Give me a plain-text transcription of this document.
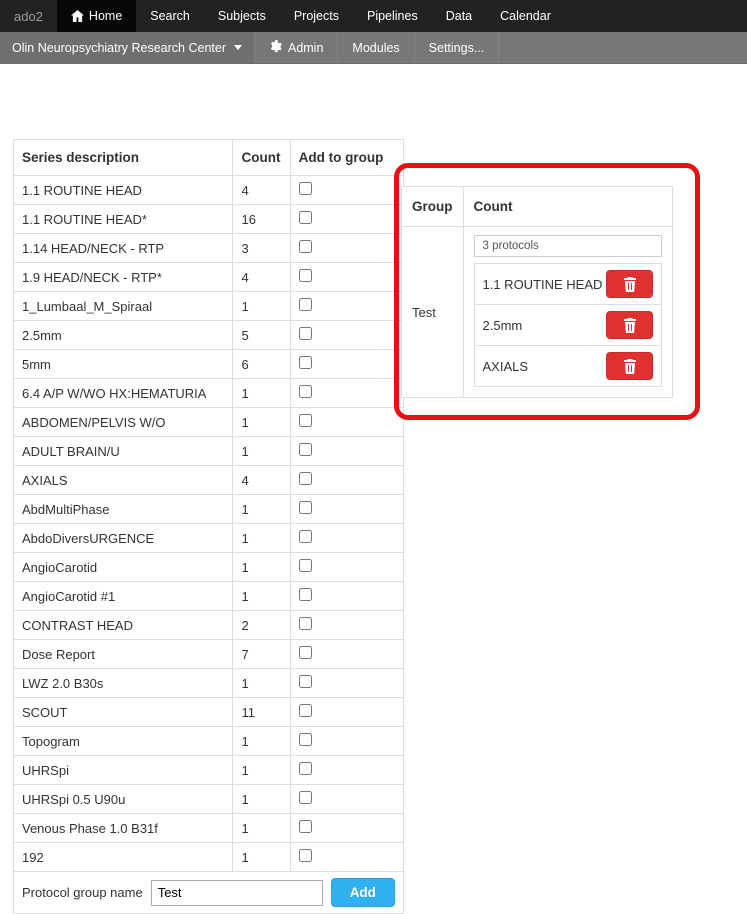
ado2	Home Search Subjects Projects Pipelines Data Calendar
Olin Neuropsychiatry Research Center	Admin Modules Settings...
Series description	Count	Add to group
1.1 ROUTINE HEAD	4	
1.1 ROUTINE HEAD*	16	
1.14 HEAD/NECK - RTP	3	
1.9 HEAD/NECK - RTP*	4	
1_Lumbaal_M_Spiraal	1	
2.5mm	5	
5mm	6	
6.4 A/P W/WO HX:HEMATURIA	1	
ABDOMEN/PELVIS W/O	1	
ADULT BRAIN/U	1	
AXIALS	4	
AbdMultiPhase	1	
AbdoDiversURGENCE	1	
AngioCarotid	1	
AngioCarotid #1	1	
CONTRAST HEAD	2	
Dose Report	7	
LWZ 2.0 B30s	1	
SCOUT	11	
Topogram	1	
UHRSpi	1	
UHRSpi 0.5 U90u	1	
Venous Phase 1.0 B31f	1	
192	1	

Protocol group name
Test Add
Group	Count
Test	3 protocols
1.1 ROUTINE HEAD
2.5mm
AXIALS
